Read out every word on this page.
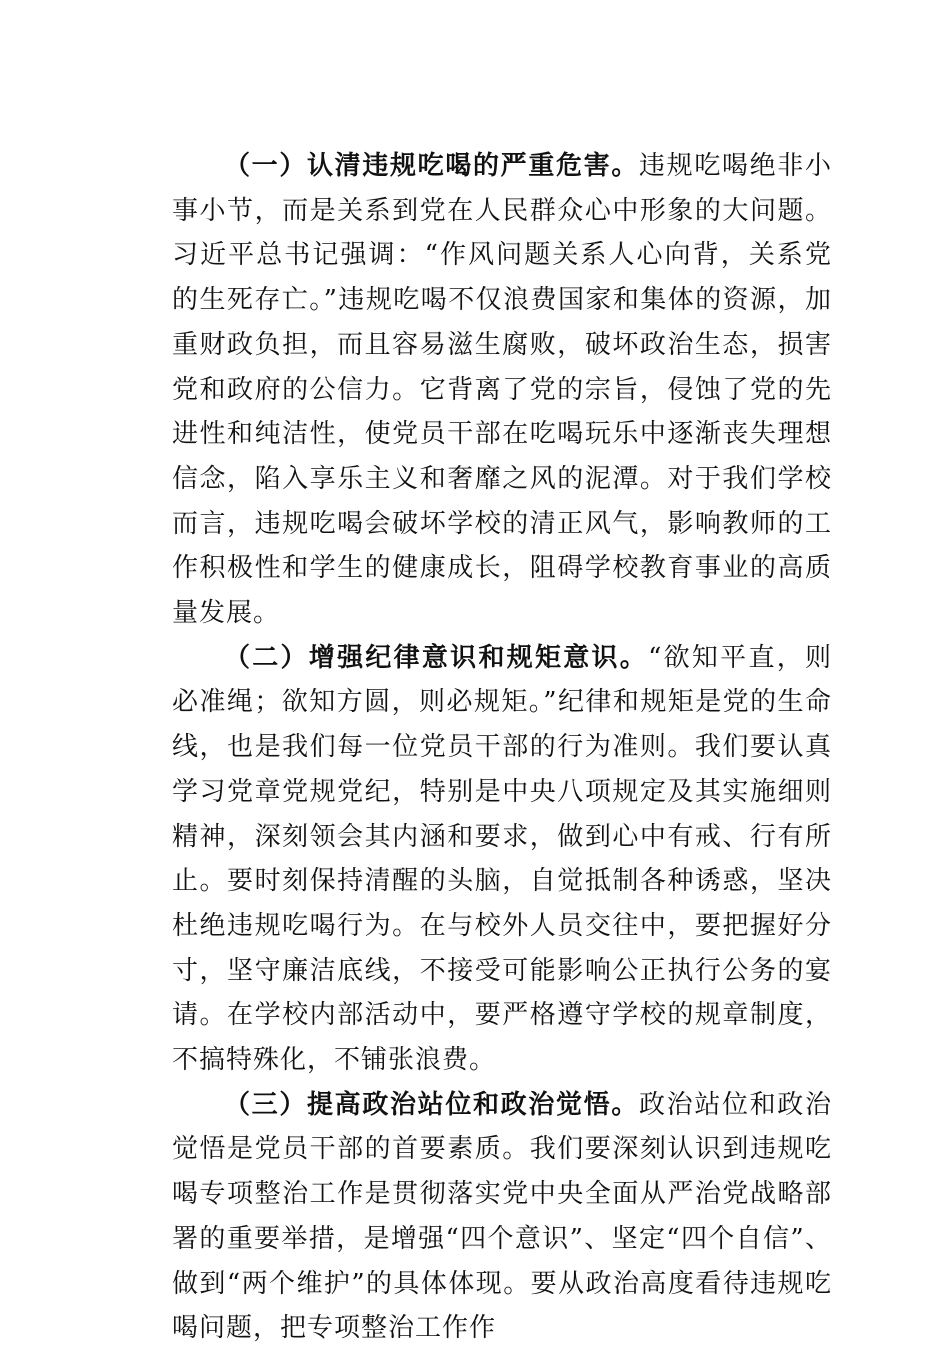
（一）认清违规吃喝的严重危害。违规吃喝绝非小事小节，而是关系到党在人民群众心中形象的大问题。习近平总书记强调：“作风问题关系人心向背，关系党的生死存亡。”违规吃喝不仅浪费国家和集体的资源，加重财政负担，而且容易滋生腐败，破坏政治生态，损害党和政府的公信力。它背离了党的宗旨，侵蚀了党的先进性和纯洁性，使党员干部在吃喝玩乐中逐渐丧失理想信念，陷入享乐主义和奢靡之风的泥潭。对于我们学校而言，违规吃喝会破坏学校的清正风气，影响教师的工作积极性和学生的健康成长，阻碍学校教育事业的高质量发展。

（二）增强纪律意识和规矩意识。“欲知平直，则必准绳；欲知方圆，则必规矩。”纪律和规矩是党的生命线，也是我们每一位党员干部的行为准则。我们要认真学习党章党规党纪，特别是中央八项规定及其实施细则精神，深刻领会其内涵和要求，做到心中有戒、行有所止。要时刻保持清醒的头脑，自觉抵制各种诱惑，坚决杜绝违规吃喝行为。在与校外人员交往中，要把握好分寸，坚守廉洁底线，不接受可能影响公正执行公务的宴请。在学校内部活动中，要严格遵守学校的规章制度，不搞特殊化，不铺张浪费。

（三）提高政治站位和政治觉悟。政治站位和政治觉悟是党员干部的首要素质。我们要深刻认识到违规吃喝专项整治工作是贯彻落实党中央全面从严治党战略部署的重要举措，是增强“四个意识”、坚定“四个自信”、做到“两个维护”的具体体现。要从政治高度看待违规吃喝问题，把专项整治工作作
